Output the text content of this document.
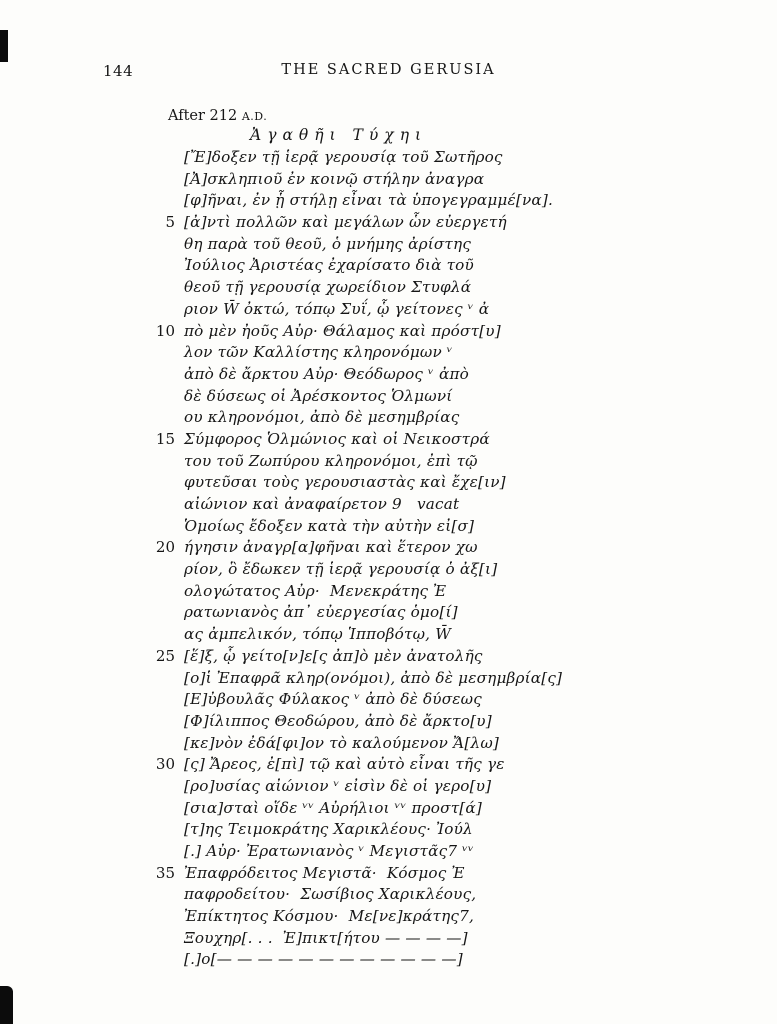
144	THE SACRED GERUSIA
After 212 A.D.
Ἀγαθῆι Τύχηι
[Ἔ]δοξεν τῇ ἱερᾷ γερουσίᾳ τοῦ Σωτῆρος
[Ἀ]σκληπιοῦ ἐν κοινῷ στήλην ἀναγρα
[φ]ῆναι, ἐν ᾗ στήλῃ εἶναι τὰ ὑπογεγραμμέ[να].
5 [ἀ]ντὶ πολλῶν καὶ μεγάλων ὧν εὐεργετή
θη παρὰ τοῦ θεοῦ, ὁ μνήμης ἀρίστης
Ἰούλιος Ἀριστέας ἐχαρίσατο διὰ τοῦ
θεοῦ τῇ γερουσίᾳ χωρείδιον Στυφλά
ριον W̄ ὀκτώ, τόπῳ Συΐ, ᾧ γείτονες ᵛ ἀ
10 πὸ μὲν ἠοῦς Αὐρ· Θάλαμος καὶ πρόστ[υ]
λον τῶν Καλλίστης κληρονόμων ᵛ
ἀπὸ δὲ ἄρκτου Αὐρ· Θεόδωρος ᵛ ἀπὸ
δὲ δύσεως οἱ Ἀρέσκοντος Ὁλμωνί
ου κληρονόμοι, ἀπὸ δὲ μεσημβρίας
15 Σύμφορος Ὁλμώνιος καὶ οἱ Νεικοστρά
του τοῦ Ζωπύρου κληρονόμοι, ἐπὶ τῷ
φυτεῦσαι τοὺς γερουσιαστὰς καὶ ἔχε[ιν]
αἰώνιον καὶ ἀναφαίρετον 9   vacat
Ὁμοίως ἔδοξεν κατὰ τὴν αὐτὴν εἰ[σ]
20 ήγησιν ἀναγρ[α]φῆναι καὶ ἕτερον χω
ρίον, ὃ ἔδωκεν τῇ ἱερᾷ γερουσίᾳ ὁ ἀξ[ι]
ολογώτατος Αὐρ·  Μενεκράτης Ἐ
ρατωνιανὸς ἀπ᾽ εὐεργεσίας ὁμο[ί]
ας ἀμπελικόν, τόπῳ Ἱπποβότῳ, W̄
25 [ἕ]ξ, ᾧ γείτο[ν]ε[ς ἀπ]ὸ μὲν ἀνατολῆς
[ο]ἱ Ἐπαφρᾶ κληρ(ονόμοι), ἀπὸ δὲ μεσημβρία[ς]
[Ε]ὐβουλᾶς Φύλακος ᵛ ἀπὸ δὲ δύσεως
[Φ]ίλιππος Θεοδώρου, ἀπὸ δὲ ἄρκτο[υ]
[κε]νὸν ἐδά[φι]ον τὸ καλούμενον Ἄ[λω]
30 [ς] Ἄρεος, ἐ[πὶ] τῷ καὶ αὐτὸ εἶναι τῆς γε
[ρο]υσίας αἰώνιον ᵛ εἰσὶν δὲ οἱ γερο[υ]
[σια]σταὶ οἵδε ᵛᵛ Αὐρήλιοι ᵛᵛ προστ[ά]
[τ]ης Τειμοκράτης Χαρικλέους· Ἰούλ
[.] Αὐρ· Ἐρατωνιανὸς ᵛ Μεγιστᾶς7 ᵛᵛ
35 Ἐπαφρόδειτος Μεγιστᾶ·  Κόσμος Ἐ
παφροδείτου·  Σωσίβιος Χαρικλέους,
Ἐπίκτητος Κόσμου·  Με[νε]κράτης7,
Ξουχηρ[. . .  Ἐ]πικτ[ήτου — — — —]
[.]ο[— — — — — — — — — — — —]
